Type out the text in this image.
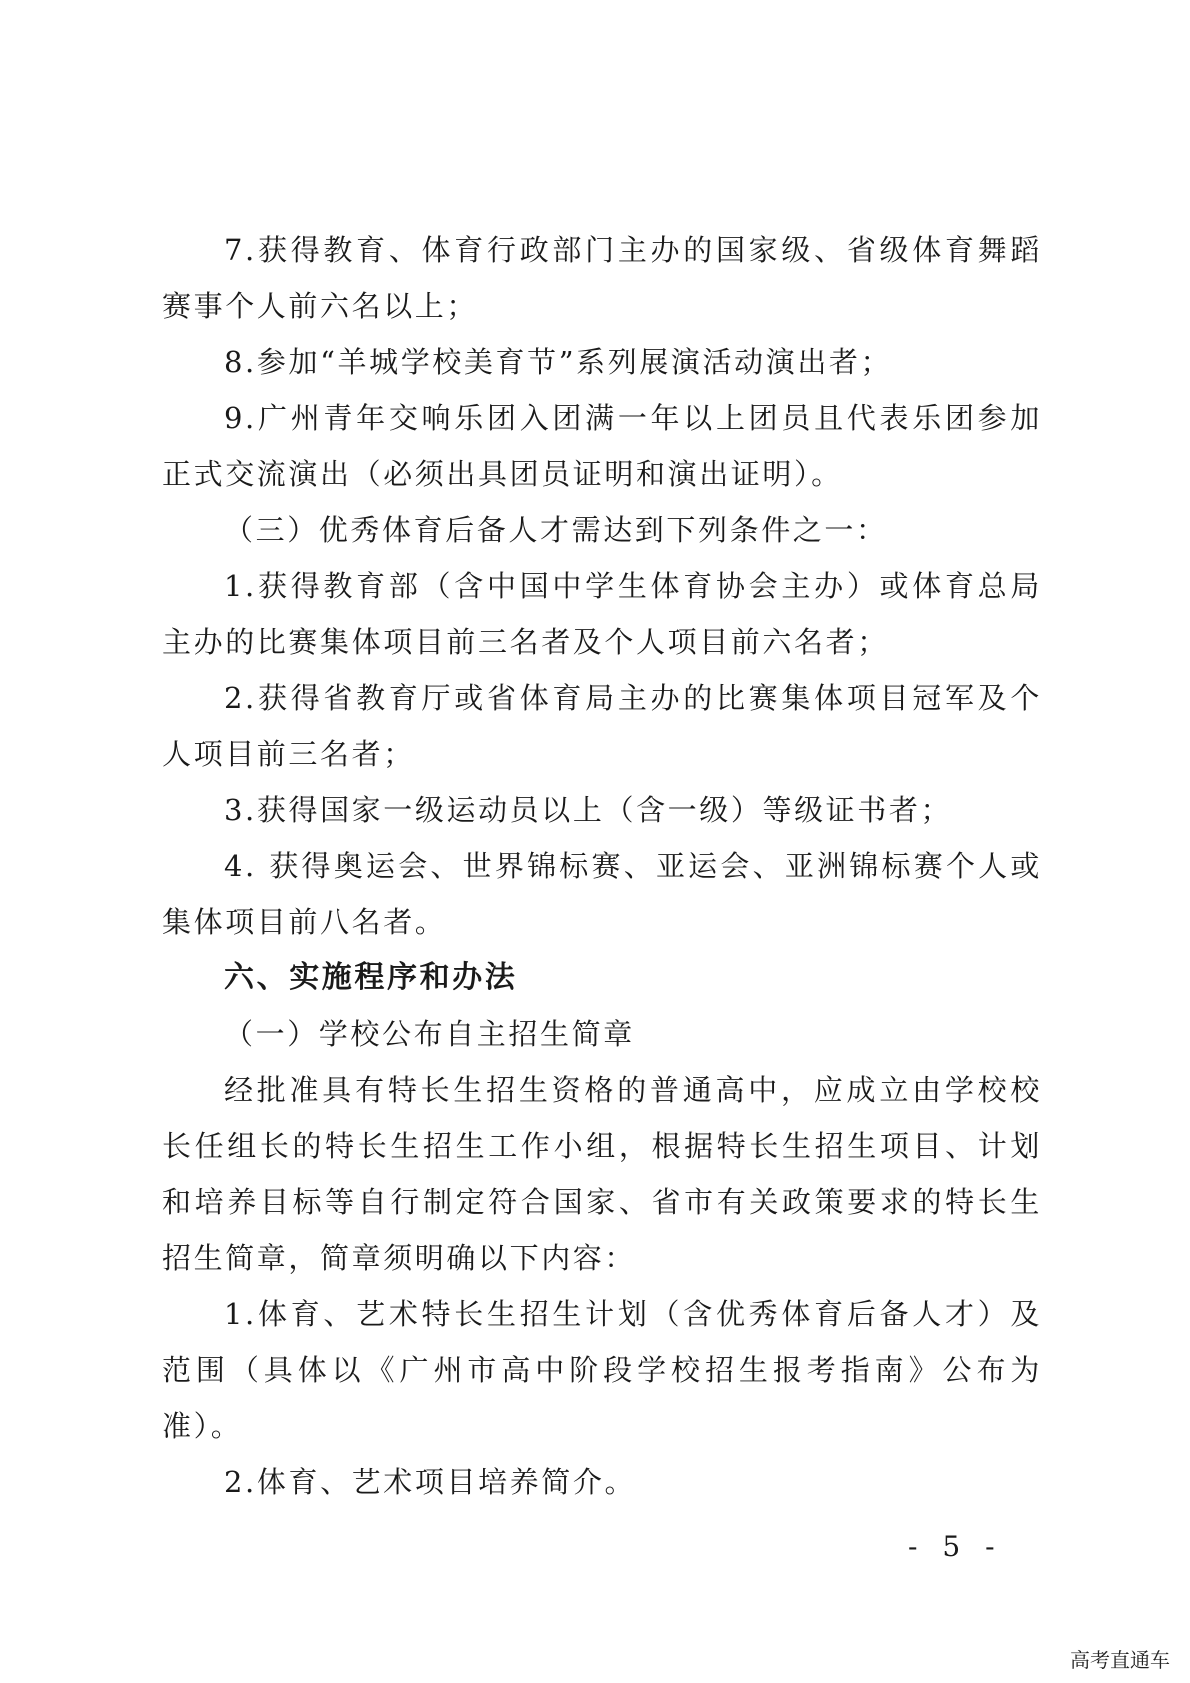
7.获得教育、体育行政部门主办的国家级、省级体育舞蹈赛事个人前六名以上；

8.参加“羊城学校美育节”系列展演活动演出者；

9.广州青年交响乐团入团满一年以上团员且代表乐团参加正式交流演出（必须出具团员证明和演出证明）。

（三）优秀体育后备人才需达到下列条件之一：

1.获得教育部（含中国中学生体育协会主办）或体育总局主办的比赛集体项目前三名者及个人项目前六名者；

2.获得省教育厅或省体育局主办的比赛集体项目冠军及个人项目前三名者；

3.获得国家一级运动员以上（含一级）等级证书者；

4. 获得奥运会、世界锦标赛、亚运会、亚洲锦标赛个人或集体项目前八名者。

六、实施程序和办法

（一）学校公布自主招生简章

经批准具有特长生招生资格的普通高中，应成立由学校校长任组长的特长生招生工作小组，根据特长生招生项目、计划和培养目标等自行制定符合国家、省市有关政策要求的特长生招生简章，简章须明确以下内容：

1.体育、艺术特长生招生计划（含优秀体育后备人才）及范围（具体以《广州市高中阶段学校招生报考指南》公布为准）。

2.体育、艺术项目培养简介。

- 5 -

高考直通车
